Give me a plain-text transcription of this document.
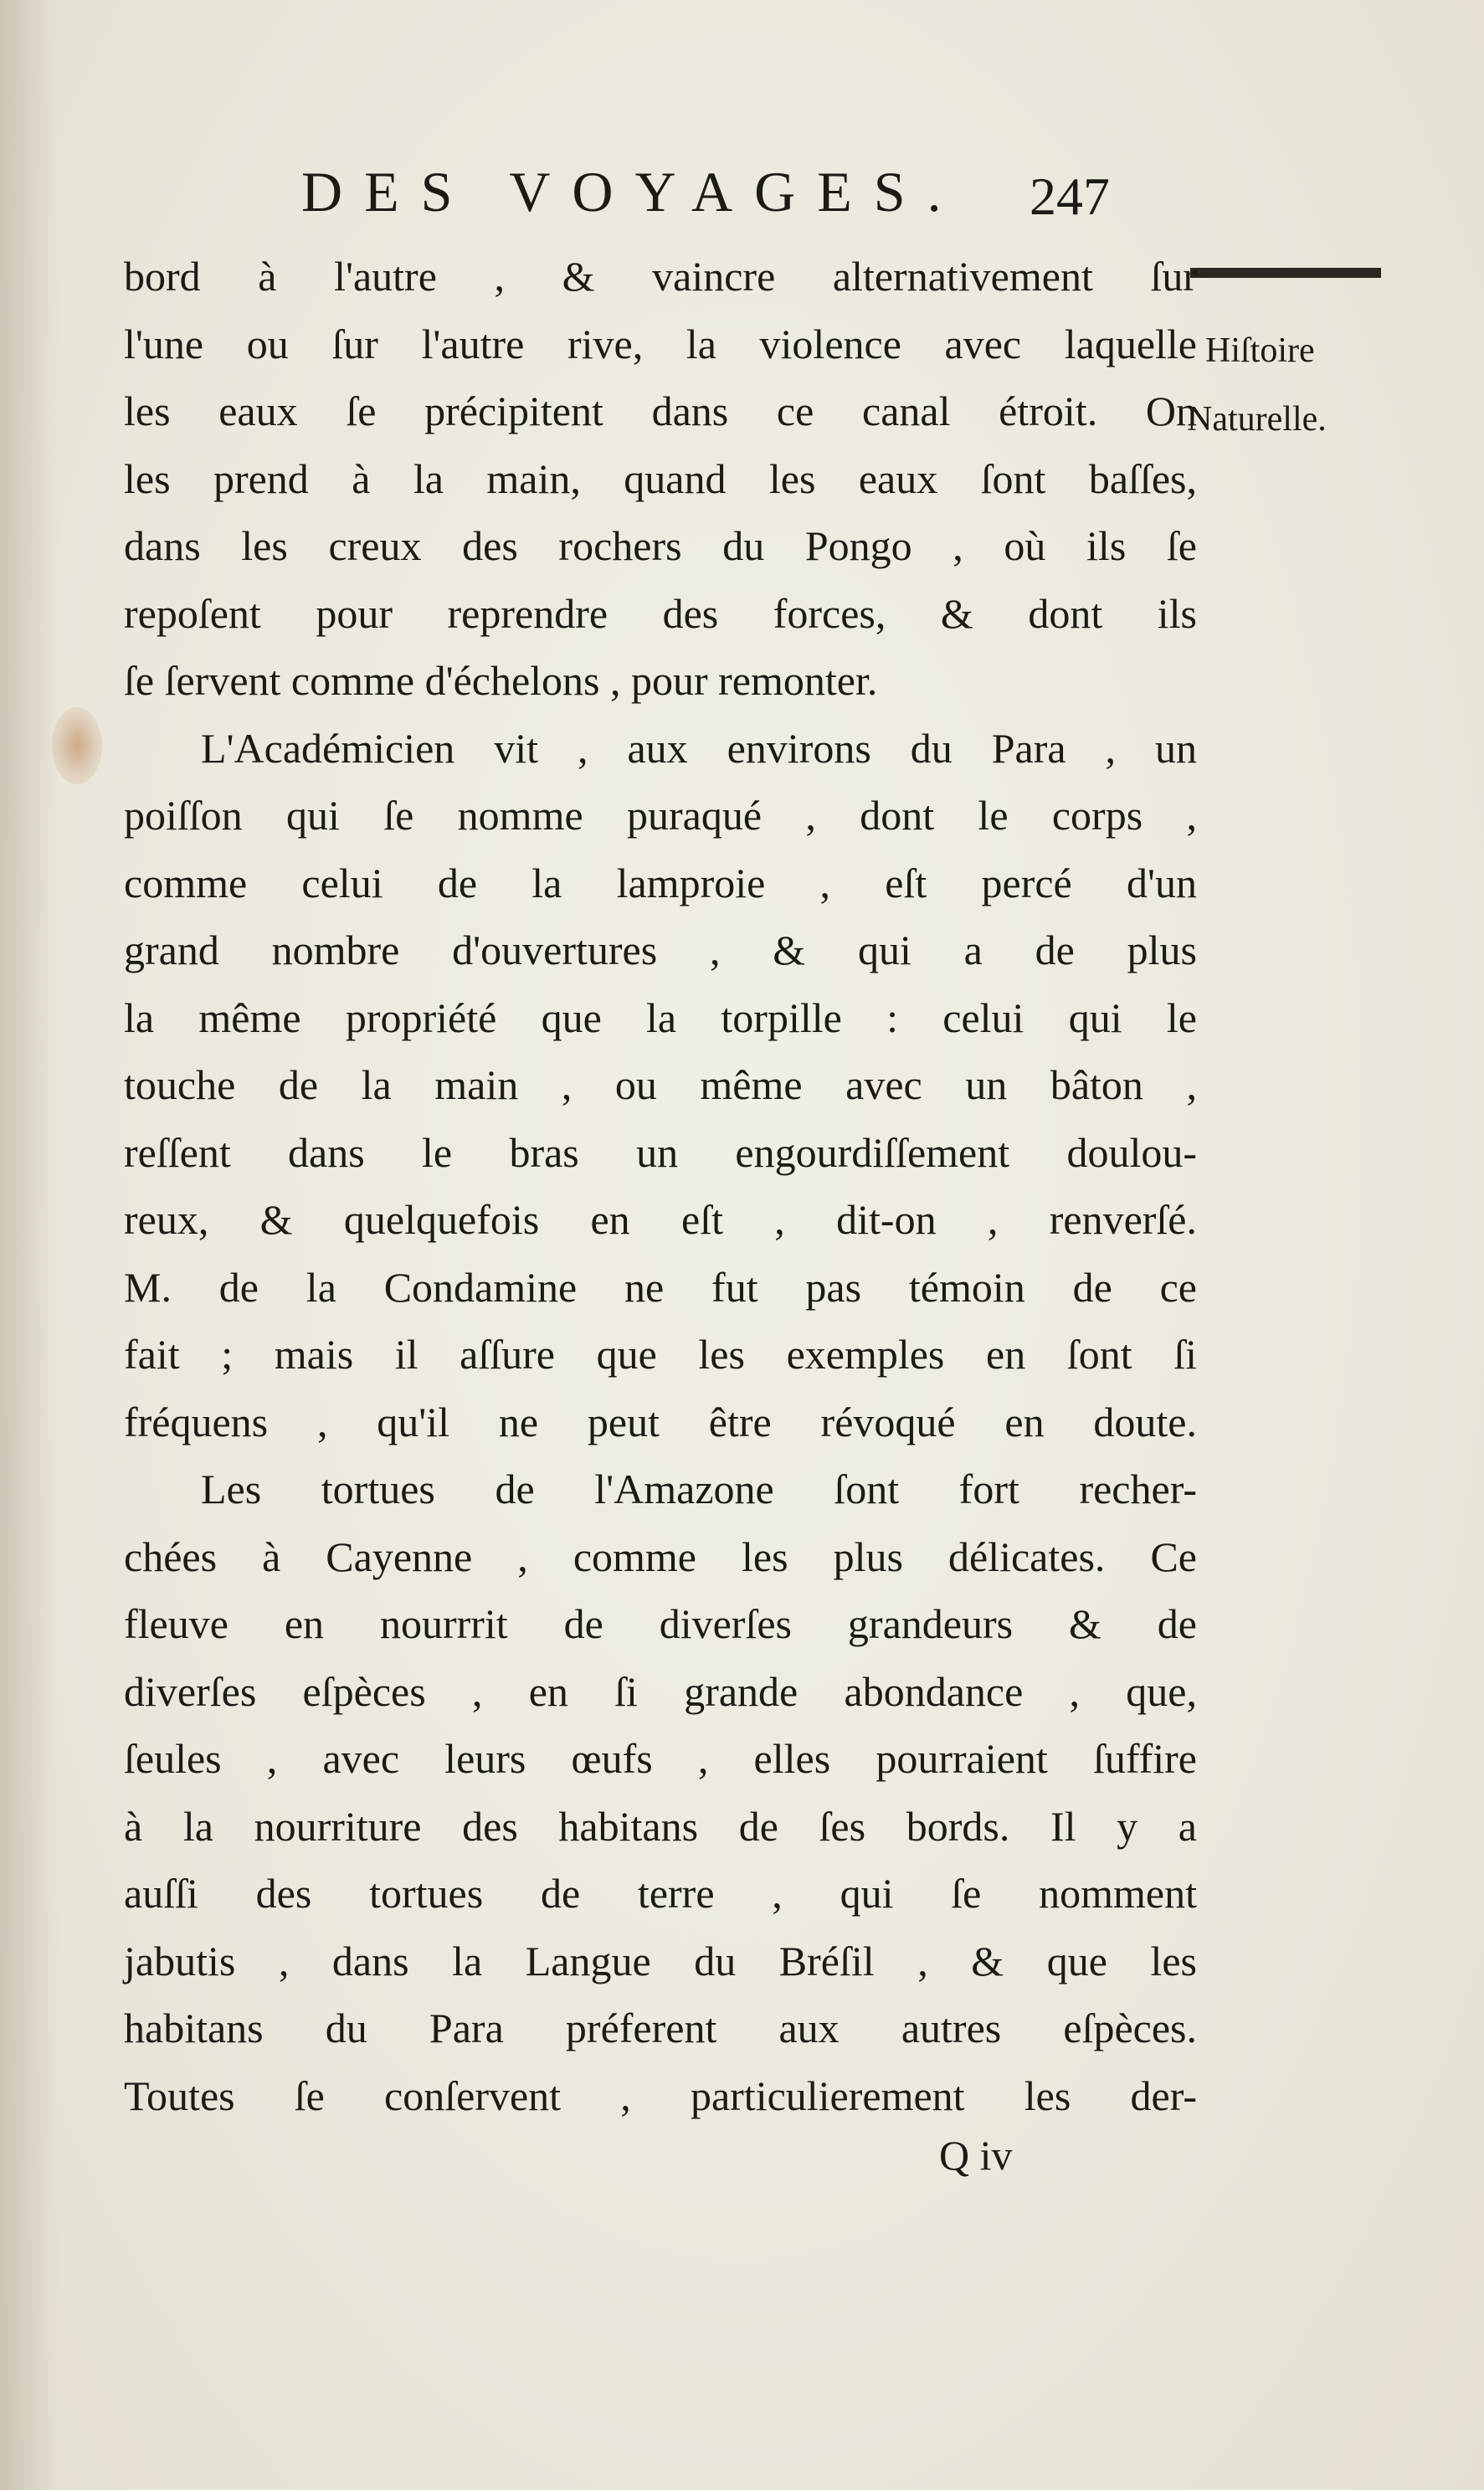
DES VOYAGES. 247
Hiſtoire
Naturelle.
bord à l'autre , & vaincre alternativement ſur
l'une ou ſur l'autre rive, la violence avec laquelle
les eaux ſe précipitent dans ce canal étroit. On
les prend à la main, quand les eaux ſont baſſes,
dans les creux des rochers du Pongo , où ils ſe
repoſent pour reprendre des forces, & dont ils
ſe ſervent comme d'échelons , pour remonter.
L'Académicien vit , aux environs du Para , un
poiſſon qui ſe nomme puraqué , dont le corps ,
comme celui de la lamproie , eſt percé d'un
grand nombre d'ouvertures , & qui a de plus
la même propriété que la torpille : celui qui le
touche de la main , ou même avec un bâton ,
reſſent dans le bras un engourdiſſement doulou-
reux, & quelquefois en eſt , dit-on , renverſé.
M. de la Condamine ne fut pas témoin de ce
fait ; mais il aſſure que les exemples en ſont ſi
fréquens , qu'il ne peut être révoqué en doute.
Les tortues de l'Amazone ſont fort recher-
chées à Cayenne , comme les plus délicates. Ce
fleuve en nourrrit de diverſes grandeurs & de
diverſes eſpèces , en ſi grande abondance , que,
ſeules , avec leurs œufs , elles pourraient ſuffire
à la nourriture des habitans de ſes bords. Il y a
auſſi des tortues de terre , qui ſe nomment
jabutis , dans la Langue du Bréſil , & que les
habitans du Para préferent aux autres eſpèces.
Toutes ſe conſervent , particulierement les der-
Q iv
